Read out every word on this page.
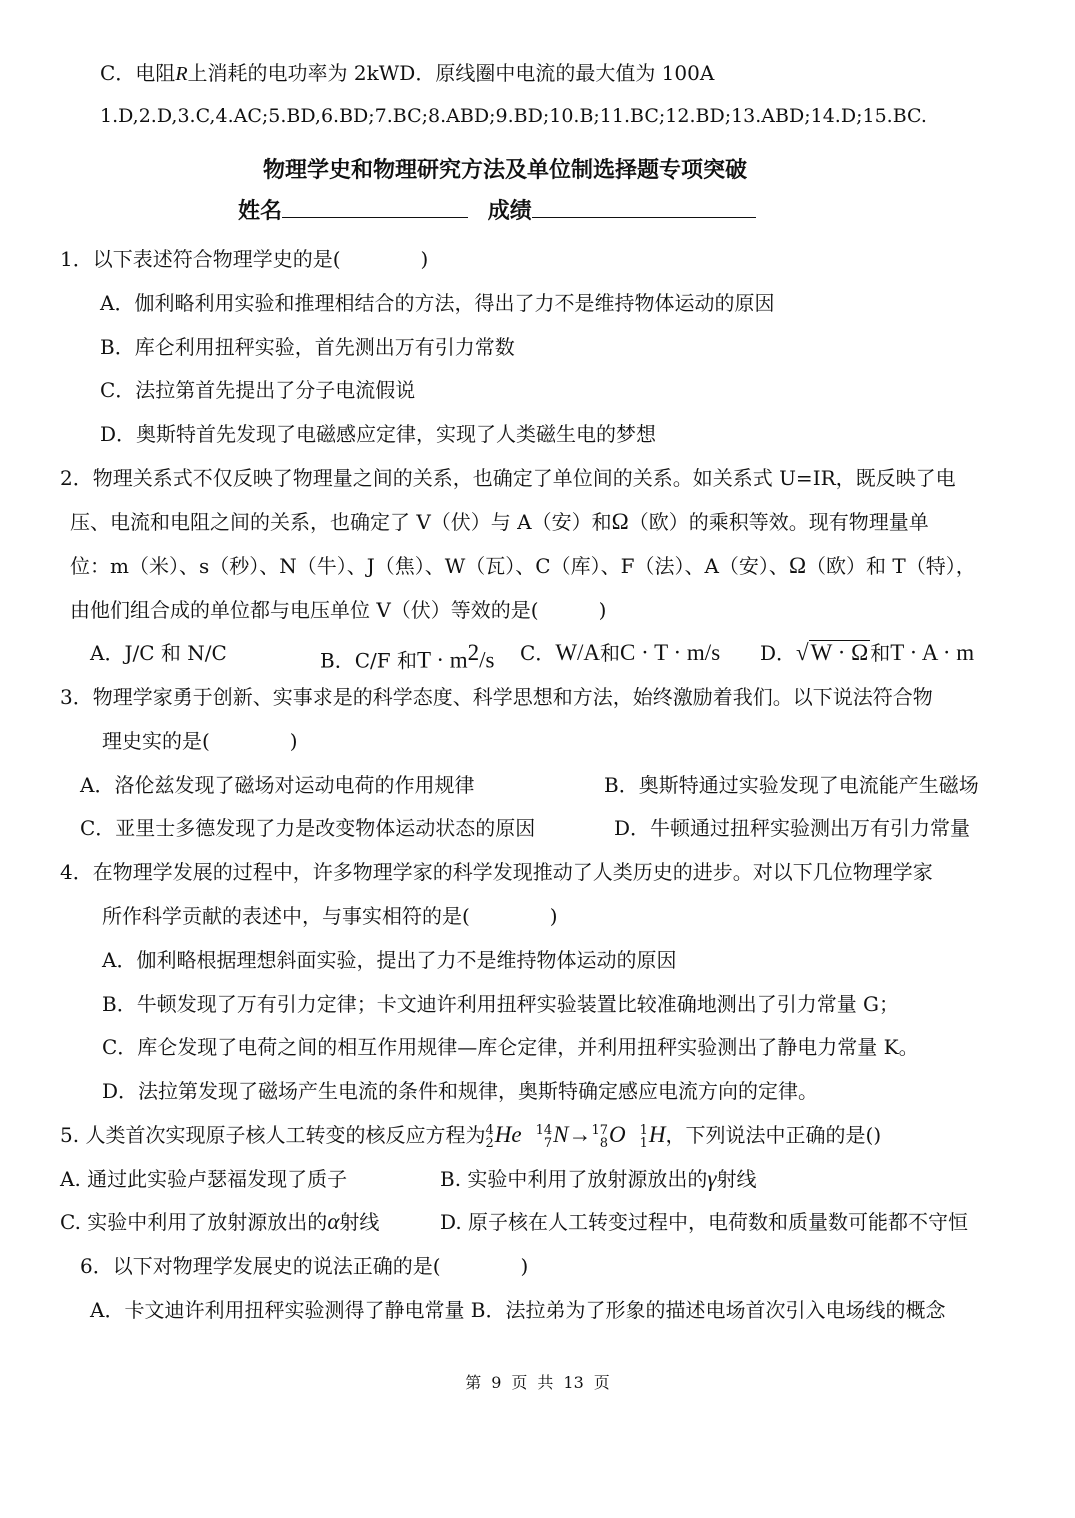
C．电阻R上消耗的电功率为 2kWD．原线圈中电流的最大值为 100A
1.D,2.D,3.C,4.AC;5.BD,6.BD;7.BC;8.ABD;9.BD;10.B;11.BC;12.BD;13.ABD;14.D;15.BC.
物理学史和物理研究方法及单位制选择题专项突破
姓名	成绩
1．以下表述符合物理学史的是(　　　　)
A．伽利略利用实验和推理相结合的方法，得出了力不是维持物体运动的原因
B．库仑利用扭秤实验，首先测出万有引力常数
C．法拉第首先提出了分子电流假说
D．奥斯特首先发现了电磁感应定律，实现了人类磁生电的梦想
2．物理关系式不仅反映了物理量之间的关系，也确定了单位间的关系。如关系式 U=IR，既反映了电
压、电流和电阻之间的关系，也确定了 V（伏）与 A（安）和Ω（欧）的乘积等效。现有物理量单
位：m（米）、s（秒）、N（牛）、J（焦）、W（瓦）、C（库）、F（法）、A（安）、Ω（欧）和 T（特），
由他们组合成的单位都与电压单位 V（伏）等效的是(　　　)
A．J/C 和 N/C	B．C/F 和$T \cdot m^2/s$ C．W/A和C · T · m/s D．√W · Ω 和T · A · m
3．物理学家勇于创新、实事求是的科学态度、科学思想和方法，始终激励着我们。以下说法符合物
理史实的是(　　　　)
A．洛伦兹发现了磁场对运动电荷的作用规律	B．奥斯特通过实验发现了电流能产生磁场
C．亚里士多德发现了力是改变物体运动状态的原因	D．牛顿通过扭秤实验测出万有引力常量
4．在物理学发展的过程中，许多物理学家的科学发现推动了人类历史的进步。对以下几位物理学家
所作科学贡献的表述中，与事实相符的是(　　　　)
A．伽利略根据理想斜面实验，提出了力不是维持物体运动的原因
B．牛顿发现了万有引力定律；卡文迪许利用扭秤实验装置比较准确地测出了引力常量 G；
C．库仑发现了电荷之间的相互作用规律—库仑定律，并利用扭秤实验测出了静电力常量 K。
D．法拉第发现了磁场产生电流的条件和规律，奥斯特确定感应电流方向的定律。
5. 人类首次实现原子核人工转变的核反应方程为 4
2 He 14
7 N→ 17
8 O 1
1 H，下列说法中正确的是()
A. 通过此实验卢瑟福发现了质子	B. 实验中利用了放射源放出的γ射线
C. 实验中利用了放射源放出的α射线	D. 原子核在人工转变过程中，电荷数和质量数可能都不守恒
6．以下对物理学发展史的说法正确的是(　　　　)
A．卡文迪许利用扭秤实验测得了静电常量 B．法拉弟为了形象的描述电场首次引入电场线的概念
第 9 页 共 13 页
